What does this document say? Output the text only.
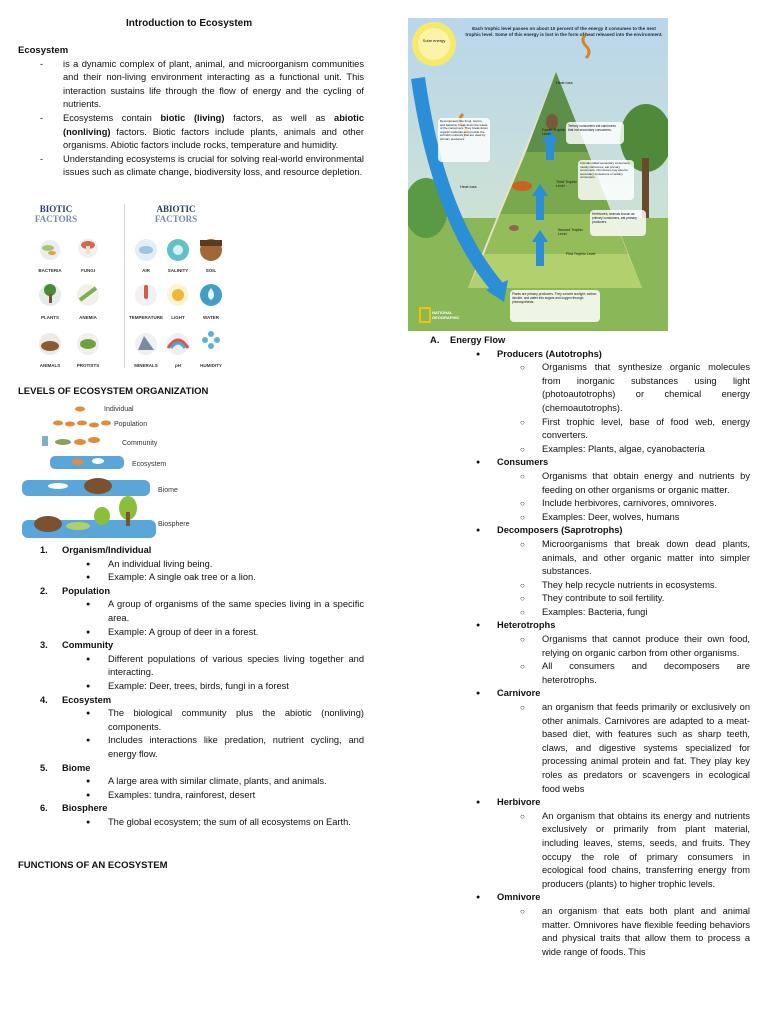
Introduction to Ecosystem
Ecosystem
- is a dynamic complex of plant, animal, and microorganism communities and their non-living environment interacting as a functional unit. This interaction sustains life through the flow of energy and the cycling of nutrients.
- Ecosystems contain biotic (living) factors, as well as abiotic (nonliving) factors. Biotic factors include plants, animals and other organisms. Abiotic factors include rocks, temperature and humidity.
- Understanding ecosystems is crucial for solving real-world environmental issues such as climate change, biodiversity loss, and resource depletion.
BIOTIC
FACTORS
ABIOTIC
FACTORS
BACTERIA	FUNGI
PLANTS	ANEMIA
ANIMALS	PROTISTS
AIR	SALINITY	SOIL
TEMPERATURE	LIGHT	WATER
MINERALS	pH	HUMIDITY
LEVELS OF ECOSYSTEM ORGANIZATION
Individual
Population
Community
Ecosystem
Biome
Biosphere
1. Organism/Individual
● An individual living being.
● Example: A single oak tree or a lion.
2. Population
● A group of organisms of the same species living in a specific area.
● Example: A group of deer in a forest.
3. Community
● Different populations of various species living together and interacting.
● Example: Deer, trees, birds, fungi in a forest
4. Ecosystem
● The biological community plus the abiotic (nonliving) components.
● Includes interactions like predation, nutrient cycling, and energy flow.
5. Biome
● A large area with similar climate, plants, and animals.
● Examples: tundra, rainforest, desert
6. Biosphere
● The global ecosystem; the sum of all ecosystems on Earth.
FUNCTIONS OF AN ECOSYSTEM
Each trophic level passes on about 10 percent of the energy it consumes to the next trophic level. Some of this energy is lost in the form of heat released into the environment.
Solar energy
Heat loss
Heat loss
Fourth Trophic Level
Third Trophic Level
Second Trophic Level
First Trophic Level
Decomposers like fungi, worms, and bacteria, break down the waste of the consumers. They break down organic materials and provide the soil with nutrients that are used by primary producers.
Tertiary consumers eat carnivores that eat secondary consumers.
Animals called secondary consumers, mostly carnivores, eat primary consumers. Omnivores may also be secondary consumers or tertiary consumers.
Herbivores, animals known as primary consumers, eat primary producers.
Plants are primary producers. They convert sunlight, carbon dioxide, and water into sugars and oxygen through photosynthesis.
NATIONAL GEOGRAPHIC
A. Energy Flow
● Producers (Autotrophs)
○ Organisms that synthesize organic molecules from inorganic substances using light (photoautotrophs) or chemical energy (chemoautotrophs).
○ First trophic level, base of food web, energy converters.
○ Examples: Plants, algae, cyanobacteria
● Consumers
○ Organisms that obtain energy and nutrients by feeding on other organisms or organic matter.
○ Include herbivores, carnivores, omnivores.
○ Examples: Deer, wolves, humans
● Decomposers (Saprotrophs)
○ Microorganisms that break down dead plants, animals, and other organic matter into simpler substances.
○ They help recycle nutrients in ecosystems.
○ They contribute to soil fertility.
○ Examples: Bacteria, fungi
● Heterotrophs
○ Organisms that cannot produce their own food, relying on organic carbon from other organisms.
○ All consumers and decomposers are heterotrophs.
● Carnivore
○ an organism that feeds primarily or exclusively on other animals. Carnivores are adapted to a meat-based diet, with features such as sharp teeth, claws, and digestive systems specialized for processing animal protein and fat. They play key roles as predators or scavengers in ecological food webs
● Herbivore
○ An organism that obtains its energy and nutrients exclusively or primarily from plant material, including leaves, stems, seeds, and fruits. They occupy the role of primary consumers in ecological food chains, transferring energy from producers (plants) to higher trophic levels.
● Omnivore
○ an organism that eats both plant and animal matter. Omnivores have flexible feeding behaviors and physical traits that allow them to process a wide range of foods. This
